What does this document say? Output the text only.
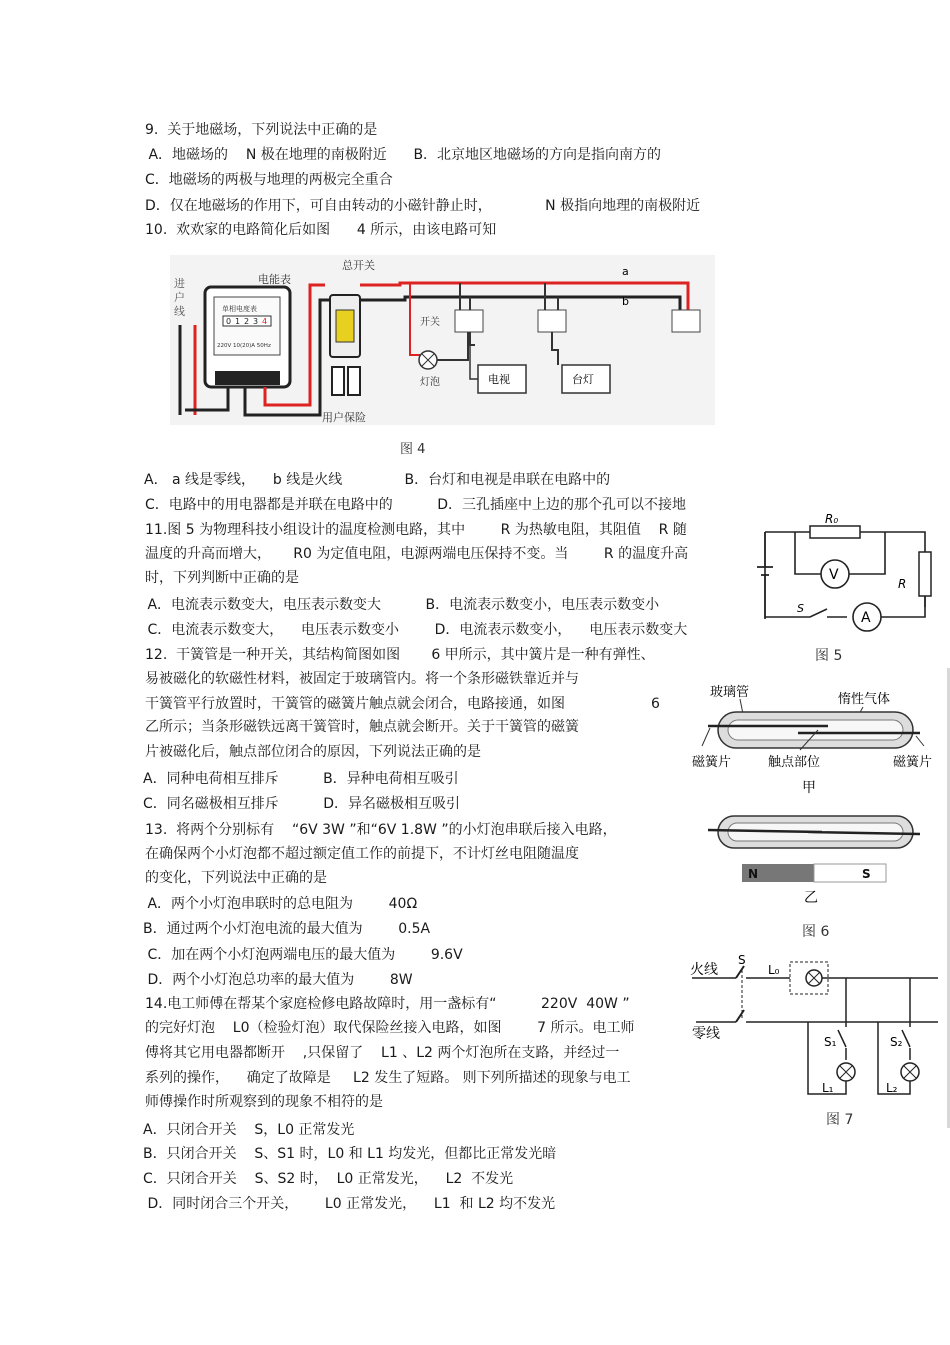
9.  关于地磁场，下列说法中正确的是
A．地磁场的    N 极在地理的南极附近      B．北京地区地磁场的方向是指向南方的
C．地磁场的两极与地理的两极完全重合
D．仅在地磁场的作用下，可自由转动的小磁针静止时，            N 极指向地理的南极附近
10.  欢欢家的电路简化后如图      4 所示，由该电路可知
进
户
线
电能表
单相电度表
0 1 2 3 4
220V 10(20)A 50Hz
总开关
用户保险
a
b
开关
灯泡	电视	台灯
图 4
A． a 线是零线，    b 线是火线              B．台灯和电视是串联在电路中的
C．电路中的用电器都是并联在电路中的          D．三孔插座中上边的那个孔可以不接地
11.图 5 为物理科技小组设计的温度检测电路，其中        R 为热敏电阻，其阻值    R 随
温度的升高而增大，     R0 为定值电阻，电源两端电压保持不变。当        R 的温度升高
时，下列判断中正确的是
A．电流表示数变大，电压表示数变大          B．电流表示数变小，电压表示数变小
C．电流表示数变大，    电压表示数变小        D．电流表示数变小，    电压表示数变大
R₀
V
R
S
A
图 5
12.  干簧管是一种开关，其结构简图如图       6 甲所示，其中簧片是一种有弹性、
易被磁化的软磁性材料，被固定于玻璃管内。将一个条形磁铁靠近并与
干簧管平行放置时，干簧管的磁簧片触点就会闭合，电路接通，如图	6
乙所示；当条形磁铁远离干簧管时，触点就会断开。关于干簧管的磁簧
片被磁化后，触点部位闭合的原因，下列说法正确的是
A．同种电荷相互排斥          B．异种电荷相互吸引
C．同名磁极相互排斥          D．异名磁极相互吸引
玻璃管	惰性气体
磁簧片	触点部位	磁簧片
甲
N	S
乙
图 6
13.  将两个分别标有    “6V 3W ”和“6V 1.8W ”的小灯泡串联后接入电路，
在确保两个小灯泡都不超过额定值工作的前提下，不计灯丝电阻随温度
的变化，下列说法中正确的是
A．两个小灯泡串联时的总电阻为        40Ω
B．通过两个小灯泡电流的最大值为        0.5A
C．加在两个小灯泡两端电压的最大值为        9.6V
D．两个小灯泡总功率的最大值为        8W
14.电工师傅在帮某个家庭检修电路故障时，用一盏标有“          220V  40W ”
的完好灯泡    L0（检验灯泡）取代保险丝接入电路，如图        7 所示。电工师
傅将其它用电器都断开    ,只保留了    L1 、L2 两个灯泡所在支路，并经过一
系列的操作，    确定了故障是     L2 发生了短路。 则下列所描述的现象与电工
师傅操作时所观察到的现象不相符的是
A．只闭合开关    S，L0 正常发光
B．只闭合开关    S、S1 时，L0 和 L1 均发光，但都比正常发光暗
C．只闭合开关    S、S2 时，  L0 正常发光，    L2  不发光
D．同时闭合三个开关，      L0 正常发光，    L1  和 L2 均不发光
火线
零线
S
L₀
S₁
L₁
S₂
L₂
图 7
